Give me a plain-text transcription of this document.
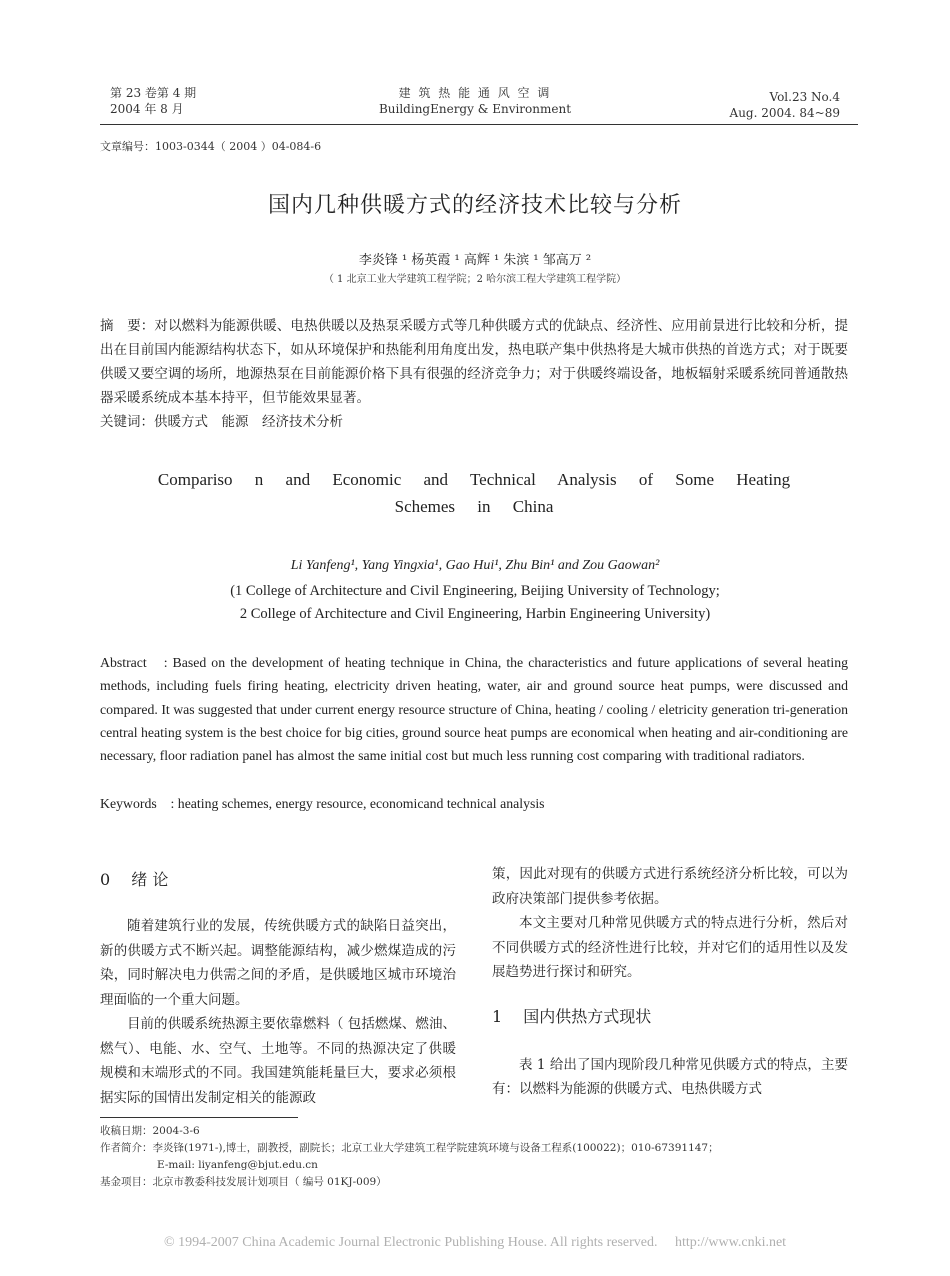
第 23 卷第 4 期
2004 年 8 月
建 筑 热 能 通 风 空 调
BuildingEnergy & Environment
Vol.23 No.4
Aug. 2004. 84~89
文章编号：1003-0344（ 2004 ）04-084-6
国内几种供暖方式的经济技术比较与分析
李炎锋 ¹ 杨英霞 ¹ 高辉 ¹ 朱滨 ¹ 邹高万 ²
（ 1 北京工业大学建筑工程学院；2 哈尔滨工程大学建筑工程学院）
摘　要：对以燃料为能源供暖、电热供暖以及热泵采暖方式等几种供暖方式的优缺点、经济性、应用前景进行比较和分析，提出在目前国内能源结构状态下，如从环境保护和热能利用角度出发，热电联产集中供热将是大城市供热的首选方式；对于既要供暖又要空调的场所，地源热泵在目前能源价格下具有很强的经济竞争力；对于供暖终端设备，地板辐射采暖系统同普通散热器采暖系统成本基本持平，但节能效果显著。
关键词：供暖方式　能源　经济技术分析
Compariso n and Economic and Technical Analysis of Some Heating
Schemes in China
Li Yanfeng¹, Yang Yingxia¹, Gao Hui¹, Zhu Bin¹ and Zou Gaowan²
(1 College of Architecture and Civil Engineering, Beijing University of Technology;
2 College of Architecture and Civil Engineering, Harbin Engineering University)
Abstract　: Based on the development of heating technique in China, the characteristics and future applications of several heating methods, including fuels firing heating, electricity driven heating, water, air and ground source heat pumps, were discussed and compared. It was suggested that under current energy resource structure of China, heating / cooling / eletricity generation tri-generation central heating system is the best choice for big cities, ground source heat pumps are economical when heating and air-conditioning are necessary, floor radiation panel has almost the same initial cost but much less running cost comparing with traditional radiators.
Keywords　: heating schemes, energy resource, economicand technical analysis
0　 绪 论

随着建筑行业的发展，传统供暖方式的缺陷日益突出，新的供暖方式不断兴起。调整能源结构，减少燃煤造成的污染，同时解决电力供需之间的矛盾，是供暖地区城市环境治理面临的一个重大问题。

目前的供暖系统热源主要依靠燃料（ 包括燃煤、燃油、燃气）、电能、水、空气、土地等。不同的热源决定了供暖规模和末端形式的不同。我国建筑能耗量巨大，要求必须根据实际的国情出发制定相关的能源政

策，因此对现有的供暖方式进行系统经济分析比较，可以为政府决策部门提供参考依据。

本文主要对几种常见供暖方式的特点进行分析，然后对不同供暖方式的经济性进行比较，并对它们的适用性以及发展趋势进行探讨和研究。

1　 国内供热方式现状

表 1 给出了国内现阶段几种常见供暖方式的特点，主要有：以燃料为能源的供暖方式、电热供暖方式

收稿日期：2004-3-6
作者简介：李炎锋(1971-),博士，副教授，副院长；北京工业大学建筑工程学院建筑环境与设备工程系(100022)；010-67391147；
E-mail: liyanfeng@bjut.edu.cn
基金项目：北京市教委科技发展计划项目（ 编号 01KJ-009）
© 1994-2007 China Academic Journal Electronic Publishing House. All rights reserved.　 http://www.cnki.net
